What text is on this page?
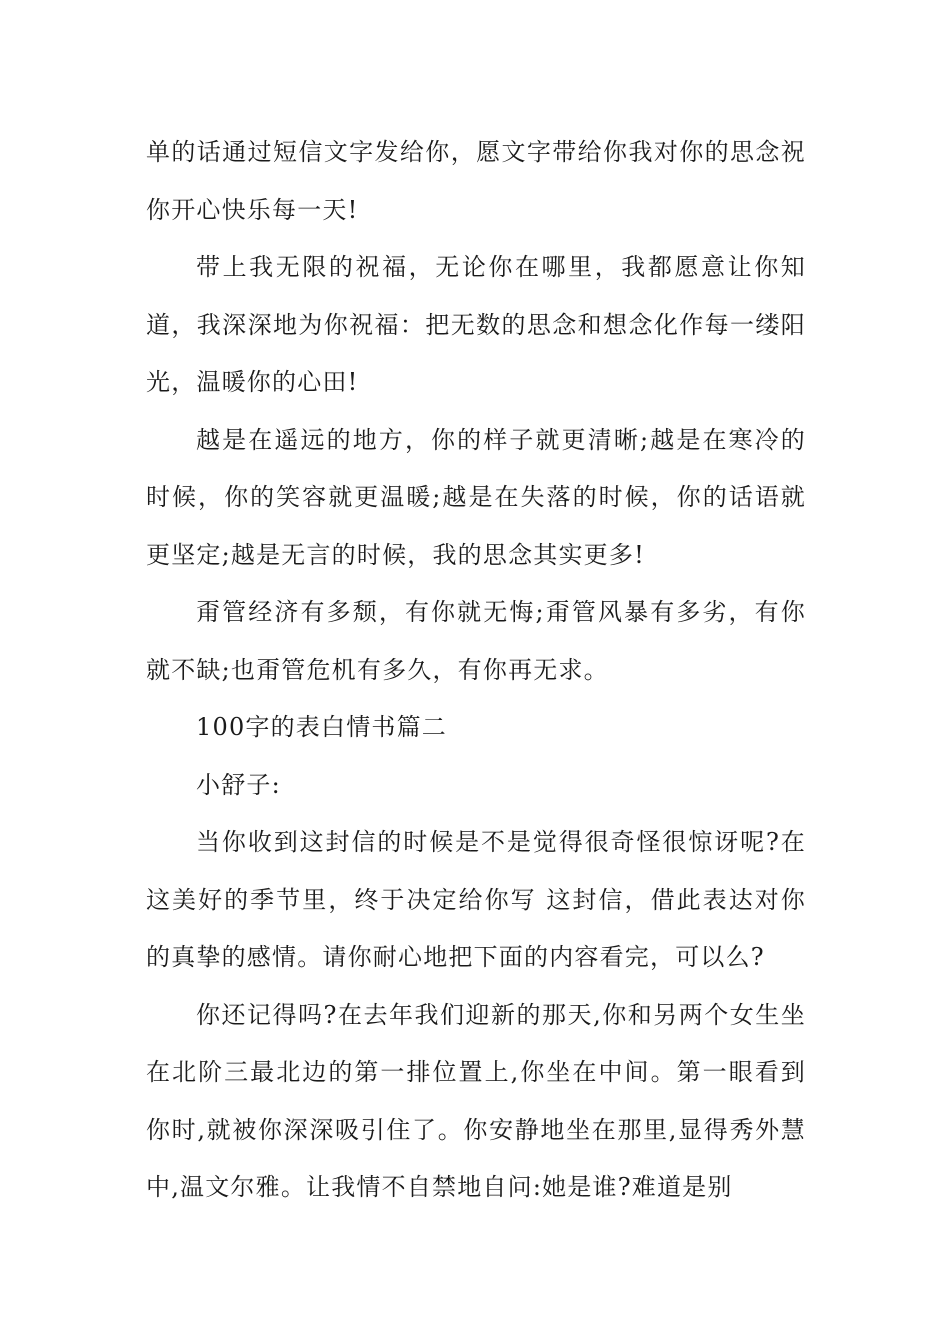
单的话通过短信文字发给你，愿文字带给你我对你的思念祝你开心快乐每一天!

带上我无限的祝福，无论你在哪里，我都愿意让你知道，我深深地为你祝福：把无数的思念和想念化作每一缕阳光，温暖你的心田!

越是在遥远的地方，你的样子就更清晰;越是在寒冷的时候，你的笑容就更温暖;越是在失落的时候，你的话语就更坚定;越是无言的时候，我的思念其实更多!

甭管经济有多颓，有你就无悔;甭管风暴有多劣，有你就不缺;也甭管危机有多久，有你再无求。

100字的表白情书篇二

小舒子:

当你收到这封信的时候是不是觉得很奇怪很惊讶呢?在这美好的季节里，终于决定给你写 这封信，借此表达对你的真挚的感情。请你耐心地把下面的内容看完，可以么?

你还记得吗?在去年我们迎新的那天,你和另两个女生坐在北阶三最北边的第一排位置上,你坐在中间。第一眼看到你时,就被你深深吸引住了。你安静地坐在那里,显得秀外慧中,温文尔雅。让我情不自禁地自问:她是谁?难道是别
